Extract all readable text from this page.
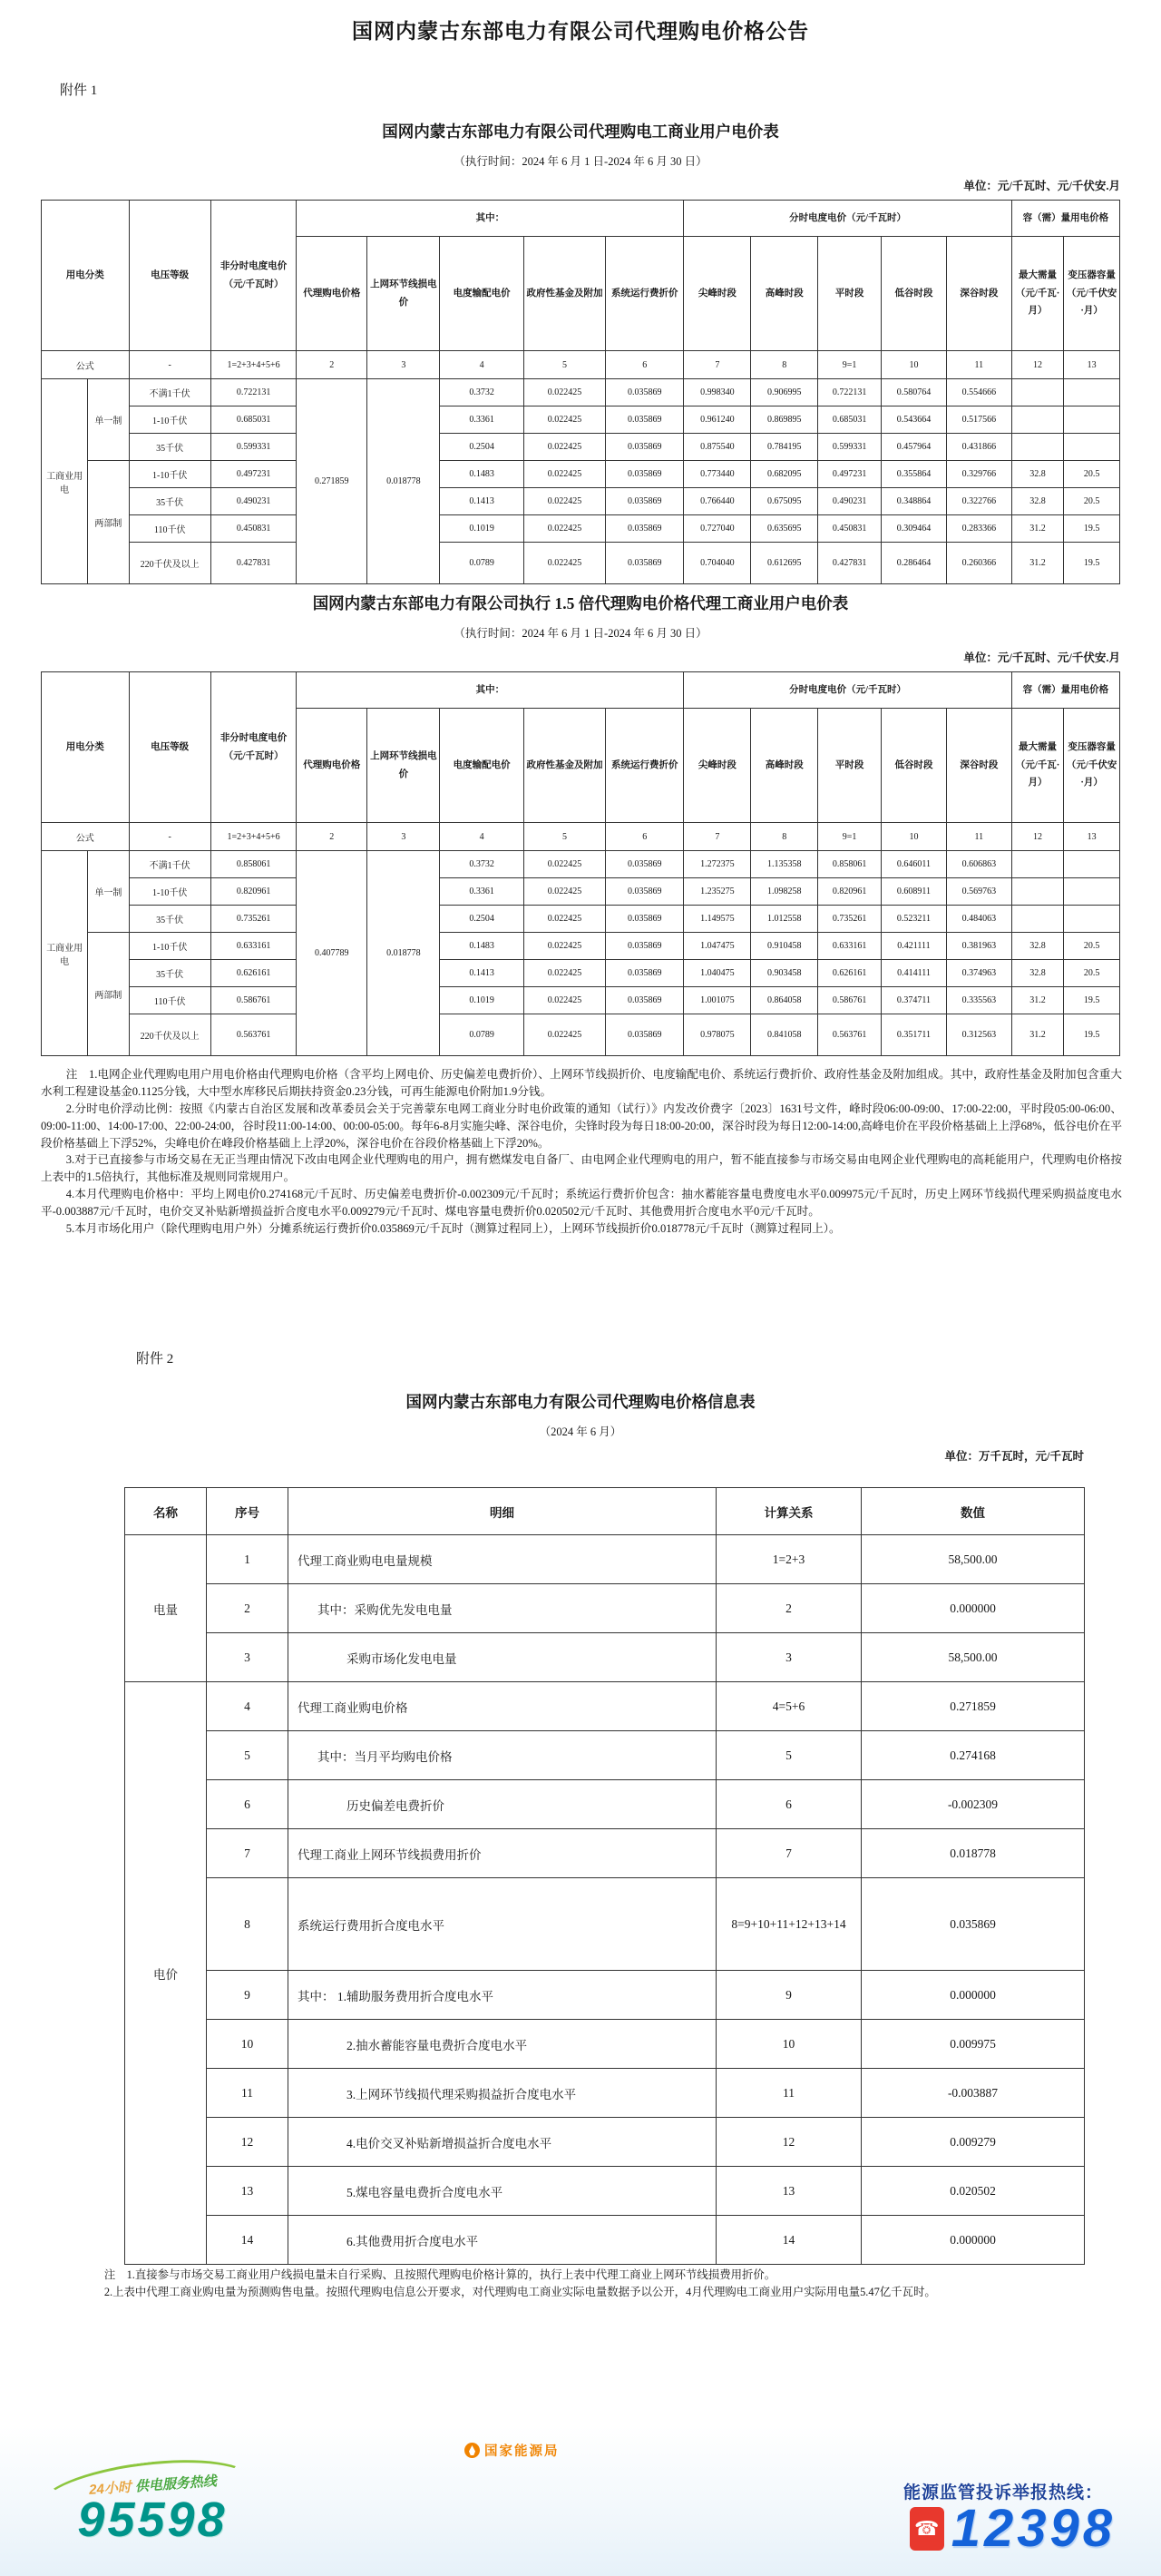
国网内蒙古东部电力有限公司代理购电价格公告
附件 1
国网内蒙古东部电力有限公司代理购电工商业用户电价表
（执行时间：2024 年 6 月 1 日-2024 年 6 月 30 日）
单位：元/千瓦时、元/千伏安.月
用电分类		电压等级	非分时电度电价（元/千瓦时）	其中：					分时电度电价（元/千瓦时）					容（需）量用电价格	
				代理购电价格	上网环节线损电价	电度输配电价	政府性基金及附加	系统运行费折价	尖峰时段	高峰时段	平时段	低谷时段	深谷时段	最大需量（元/千瓦·月）	变压器容量（元/千伏安·月）
公式		-	1=2+3+4+5+6	2	3	4	5	6	7	8	9=1	10	11	12	13
工商业用电	单一制	不满1千伏	0.722131	0.271859	0.018778	0.3732	0.022425	0.035869	0.998340	0.906995	0.722131	0.580764	0.554666		
		1-10千伏	0.685031			0.3361	0.022425	0.035869	0.961240	0.869895	0.685031	0.543664	0.517566		
		35千伏	0.599331			0.2504	0.022425	0.035869	0.875540	0.784195	0.599331	0.457964	0.431866		
	两部制	1-10千伏	0.497231			0.1483	0.022425	0.035869	0.773440	0.682095	0.497231	0.355864	0.329766	32.8	20.5
		35千伏	0.490231			0.1413	0.022425	0.035869	0.766440	0.675095	0.490231	0.348864	0.322766	32.8	20.5
		110千伏	0.450831			0.1019	0.022425	0.035869	0.727040	0.635695	0.450831	0.309464	0.283366	31.2	19.5
		220千伏及以上	0.427831			0.0789	0.022425	0.035869	0.704040	0.612695	0.427831	0.286464	0.260366	31.2	19.5
国网内蒙古东部电力有限公司执行 1.5 倍代理购电价格代理工商业用户电价表
（执行时间：2024 年 6 月 1 日-2024 年 6 月 30 日）
单位：元/千瓦时、元/千伏安.月
用电分类		电压等级	非分时电度电价（元/千瓦时）	其中：					分时电度电价（元/千瓦时）					容（需）量用电价格	
				代理购电价格	上网环节线损电价	电度输配电价	政府性基金及附加	系统运行费折价	尖峰时段	高峰时段	平时段	低谷时段	深谷时段	最大需量（元/千瓦·月）	变压器容量（元/千伏安·月）
公式		-	1=2+3+4+5+6	2	3	4	5	6	7	8	9=1	10	11	12	13
工商业用电	单一制	不满1千伏	0.858061	0.407789	0.018778	0.3732	0.022425	0.035869	1.272375	1.135358	0.858061	0.646011	0.606863		
		1-10千伏	0.820961			0.3361	0.022425	0.035869	1.235275	1.098258	0.820961	0.608911	0.569763		
		35千伏	0.735261			0.2504	0.022425	0.035869	1.149575	1.012558	0.735261	0.523211	0.484063		
	两部制	1-10千伏	0.633161			0.1483	0.022425	0.035869	1.047475	0.910458	0.633161	0.421111	0.381963	32.8	20.5
		35千伏	0.626161			0.1413	0.022425	0.035869	1.040475	0.903458	0.626161	0.414111	0.374963	32.8	20.5
		110千伏	0.586761			0.1019	0.022425	0.035869	1.001075	0.864058	0.586761	0.374711	0.335563	31.2	19.5
		220千伏及以上	0.563761			0.0789	0.022425	0.035869	0.978075	0.841058	0.563761	0.351711	0.312563	31.2	19.5

注　1.电网企业代理购电用户用电价格由代理购电价格（含平均上网电价、历史偏差电费折价）、上网环节线损折价、电度输配电价、系统运行费折价、政府性基金及附加组成。其中，政府性基金及附加包含重大水利工程建设基金0.1125分钱，大中型水库移民后期扶持资金0.23分钱，可再生能源电价附加1.9分钱。

2.分时电价浮动比例：按照《内蒙古自治区发展和改革委员会关于完善蒙东电网工商业分时电价政策的通知（试行）》内发改价费字〔2023〕1631号文件，峰时段06:00-09:00、17:00-22:00，平时段05:00-06:00、09:00-11:00、14:00-17:00、22:00-24:00，谷时段11:00-14:00、00:00-05:00。每年6-8月实施尖峰、深谷电价，尖锋时段为每日18:00-20:00，深谷时段为每日12:00-14:00,高峰电价在平段价格基础上上浮68%，低谷电价在平段价格基础上下浮52%，尖峰电价在峰段价格基础上上浮20%，深谷电价在谷段价格基础上下浮20%。

3.对于已直接参与市场交易在无正当理由情况下改由电网企业代理购电的用户，拥有燃煤发电自备厂、由电网企业代理购电的用户，暂不能直接参与市场交易由电网企业代理购电的高耗能用户，代理购电价格按上表中的1.5倍执行，其他标准及规则同常规用户。

4.本月代理购电价格中：平均上网电价0.274168元/千瓦时、历史偏差电费折价-0.002309元/千瓦时；系统运行费折价包含：抽水蓄能容量电费度电水平0.009975元/千瓦时，历史上网环节线损代理采购损益度电水平-0.003887元/千瓦时，电价交叉补贴新增损益折合度电水平0.009279元/千瓦时、煤电容量电费折价0.020502元/千瓦时、其他费用折合度电水平0元/千瓦时。

5.本月市场化用户（除代理购电用户外）分摊系统运行费折价0.035869元/千瓦时（测算过程同上），上网环节线损折价0.018778元/千瓦时（测算过程同上）。

附件 2
国网内蒙古东部电力有限公司代理购电价格信息表
（2024 年 6 月）
单位：万千瓦时，元/千瓦时
名称	序号	明细	计算关系	数值
电量	1	代理工商业购电电量规模	1=2+3	58,500.00
	2	其中：采购优先发电电量	2	0.000000
	3	采购市场化发电电量	3	58,500.00
电价	4	代理工商业购电价格	4=5+6	0.271859
	5	其中：当月平均购电价格	5	0.274168
	6	历史偏差电费折价	6	-0.002309
	7	代理工商业上网环节线损费用折价	7	0.018778
	8	系统运行费用折合度电水平	8=9+10+11+12+13+14	0.035869
	9	其中： 1.辅助服务费用折合度电水平	9	0.000000
	10	2.抽水蓄能容量电费折合度电水平	10	0.009975
	11	3.上网环节线损代理采购损益折合度电水平	11	-0.003887
	12	4.电价交叉补贴新增损益折合度电水平	12	0.009279
	13	5.煤电容量电费折合度电水平	13	0.020502
	14	6.其他费用折合度电水平	14	0.000000

注　1.直接参与市场交易工商业用户线损电量未自行采购、且按照代理购电价格计算的，执行上表中代理工商业上网环节线损费用折价。

2.上表中代理工商业购电量为预测购售电量。按照代理购电信息公开要求，对代理购电工商业实际电量数据予以公开，4月代理购电工商业用户实际用电量5.47亿千瓦时。

24小时 供电服务热线
95598
国家能源局
能源监管投诉举报热线：
☎ 12398
